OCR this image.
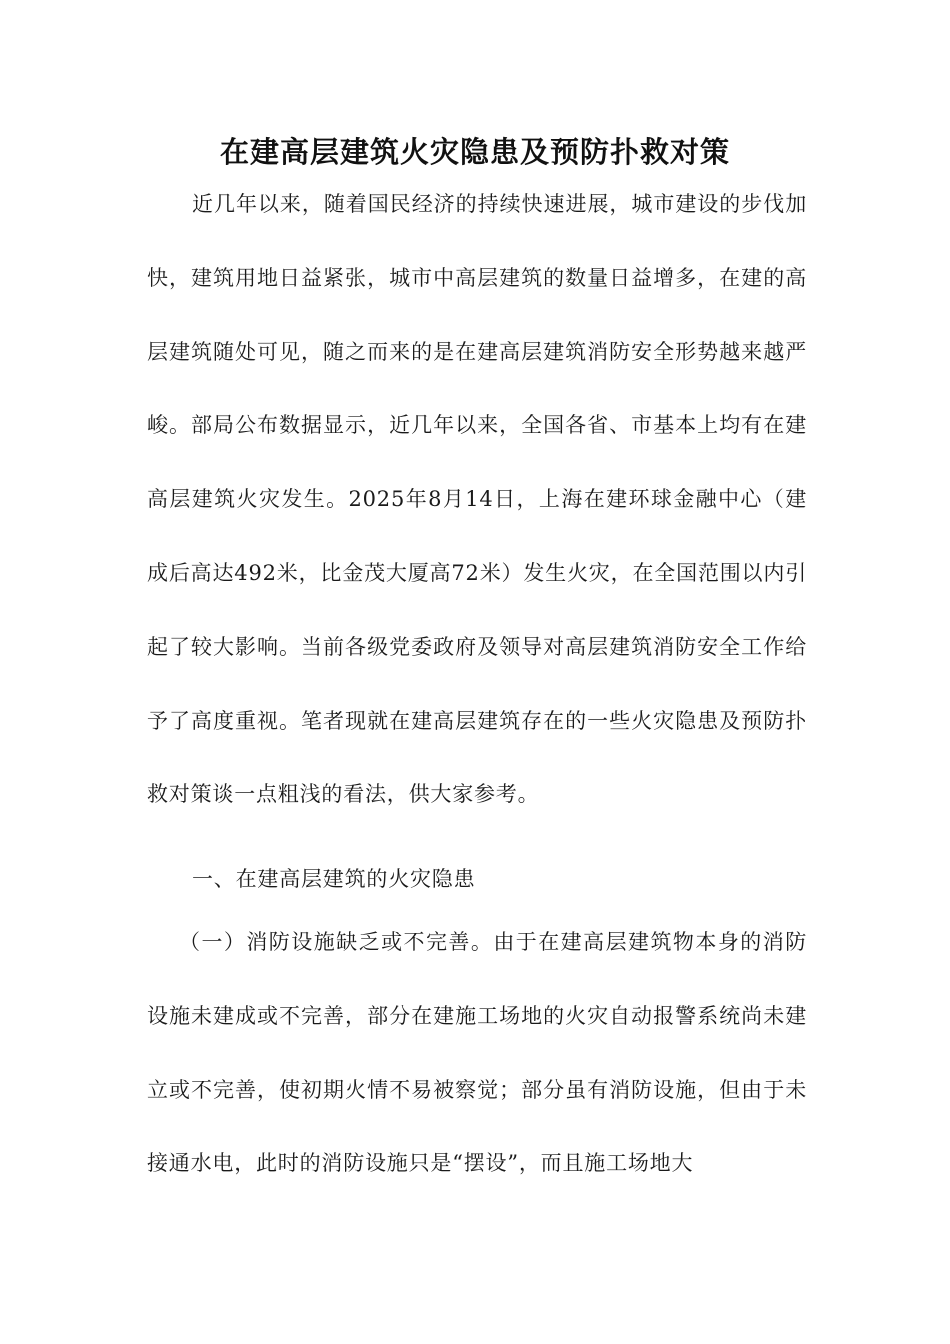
在建高层建筑火灾隐患及预防扑救对策

近几年以来，随着国民经济的持续快速进展，城市建设的步伐加快，建筑用地日益紧张，城市中高层建筑的数量日益增多，在建的高层建筑随处可见，随之而来的是在建高层建筑消防安全形势越来越严峻。部局公布数据显示，近几年以来，全国各省、市基本上均有在建高层建筑火灾发生。2025年8月14日，上海在建环球金融中心（建成后高达492米，比金茂大厦高72米）发生火灾，在全国范围以内引起了较大影响。当前各级党委政府及领导对高层建筑消防安全工作给予了高度重视。笔者现就在建高层建筑存在的一些火灾隐患及预防扑救对策谈一点粗浅的看法，供大家参考。

一、在建高层建筑的火灾隐患

（一）消防设施缺乏或不完善。由于在建高层建筑物本身的消防设施未建成或不完善，部分在建施工场地的火灾自动报警系统尚未建立或不完善，使初期火情不易被察觉；部分虽有消防设施，但由于未接通水电，此时的消防设施只是“摆设”，而且施工场地大
